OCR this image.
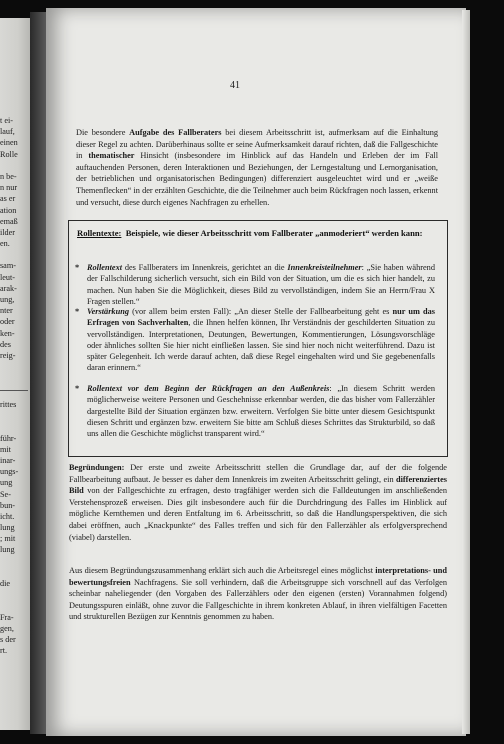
t ei-
lauf,
einen
Rolle
n be-
n nur
as er
ation
emaß
ilder
en.
sam-
leut-
arak-
ung,
nter
oder
ken-
des
reig-
rittes
führ-
mit
inar-
ungs-
ung
Se-
bun-
icht.
lung
; mit
lung
die
Fra-
gen,
s der
rt.
41
Die besondere Aufgabe des Fallberaters bei diesem Arbeitsschritt ist, aufmerksam auf die Einhaltung dieser Regel zu achten. Darüberhinaus sollte er seine Aufmerksamkeit darauf richten, daß die Fallgeschichte in thematischer Hinsicht (insbesondere im Hinblick auf das Handeln und Erleben der im Fall auftauchenden Personen, deren Interaktionen und Beziehungen, der Lerngestaltung und Lernorganisation, der betrieblichen und organisatorischen Bedingungen) differenziert ausgeleuchtet wird und er „weiße Themenflecken“ in der erzählten Geschichte, die die Teilnehmer auch beim Rückfragen noch lassen, erkennt und versucht, diese durch eigenes Nachfragen zu erhellen.
Rollentexte: Beispiele, wie dieser Arbeitsschritt vom Fallberater „anmoderiert“ werden kann:
* Rollentext des Fallberaters im Innenkreis, gerichtet an die Innenkreisteilnehmer: „Sie haben während der Fallschilderung sicherlich versucht, sich ein Bild von der Situation, um die es sich hier handelt, zu machen. Nun haben Sie die Möglichkeit, dieses Bild zu vervollständigen, indem Sie an Herrn/Frau X Fragen stellen.“
* Verstärkung (vor allem beim ersten Fall): „An dieser Stelle der Fallbearbeitung geht es nur um das Erfragen von Sachverhalten, die Ihnen helfen können, Ihr Verständnis der geschilderten Situation zu vervollständigen. Interpretationen, Deutungen, Bewertungen, Kommentierungen, Lösungsvorschläge oder ähnliches sollten Sie hier nicht einfließen lassen. Sie sind hier noch nicht weiterführend. Dazu ist später Gelegenheit. Ich werde darauf achten, daß diese Regel eingehalten wird und Sie gegebenenfalls daran erinnern.“
* Rollentext vor dem Beginn der Rückfragen an den Außenkreis: „In diesem Schritt werden möglicherweise weitere Personen und Geschehnisse erkennbar werden, die das bisher vom Fallerzähler dargestellte Bild der Situation ergänzen bzw. erweitern. Verfolgen Sie bitte unter diesem Gesichtspunkt diesen Schritt und ergänzen bzw. erweitern Sie bitte am Schluß dieses Schrittes das Strukturbild, so daß uns allen die Geschichte möglichst transparent wird.“
Begründungen: Der erste und zweite Arbeitsschritt stellen die Grundlage dar, auf der die folgende Fallbearbeitung aufbaut. Je besser es daher dem Innenkreis im zweiten Arbeitsschritt gelingt, ein differenziertes Bild von der Fallgeschichte zu erfragen, desto tragfähiger werden sich die Falldeutungen im anschließenden Verstehensprozeß erweisen. Dies gilt insbesondere auch für die Durchdringung des Falles im Hinblick auf mögliche Kernthemen und deren Entfaltung im 6. Arbeitsschritt, so daß die Handlungsperspektiven, die sich dabei eröffnen, auch „Knackpunkte“ des Falles treffen und sich für den Fallerzähler als erfolgversprechend (viabel) darstellen.
Aus diesem Begründungszusammenhang erklärt sich auch die Arbeitsregel eines möglichst interpretations- und bewertungsfreien Nachfragens. Sie soll verhindern, daß die Arbeitsgruppe sich vorschnell auf das Verfolgen scheinbar naheliegender (den Vorgaben des Fallerzählers oder den eigenen (ersten) Vorannahmen folgend) Deutungsspuren einläßt, ohne zuvor die Fallgeschichte in ihrem konkreten Ablauf, in ihren vielfältigen Facetten und strukturellen Bezügen zur Kenntnis genommen zu haben.
